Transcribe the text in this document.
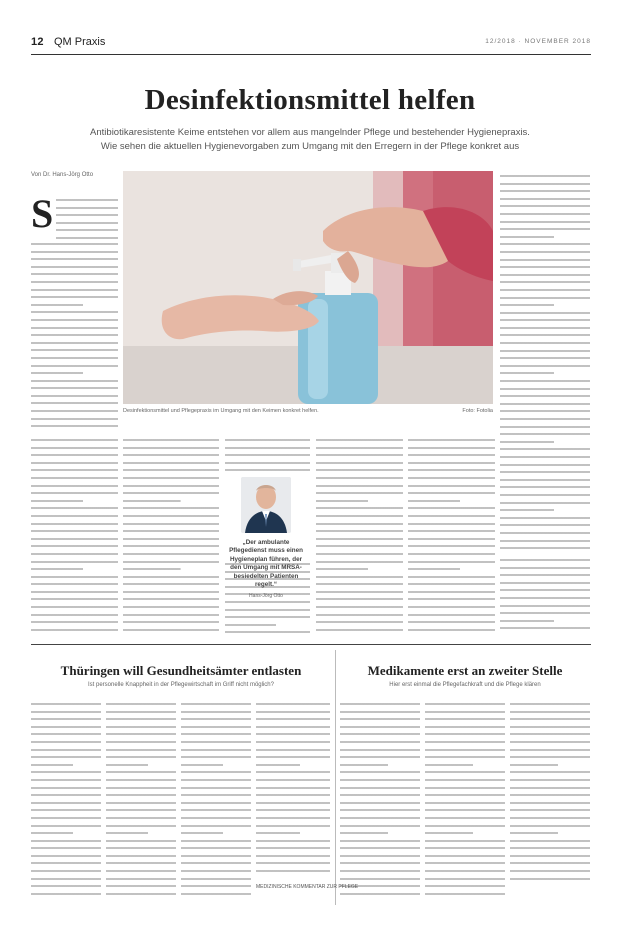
12 QM Praxis	12/2018 · NOVEMBER 2018
Desinfektionsmittel helfen
Antibiotikaresistente Keime entstehen vor allem aus mangelnder Pflege und bestehender Hygienepraxis.
Wie sehen die aktuellen Hygienevorgaben zum Umgang mit den Erregern in der Pflege konkret aus
Von Dr. Hans-Jörg Otto
Desinfektionsmittel und Pflegepraxis im Umgang mit den Keimen konkret helfen.	Foto: Fotolia
S
„Der ambulante Pflegedienst muss einen Hygieneplan führen, der den Umgang mit MRSA-besiedelten Patienten regelt.“
Hans-Jörg Otto
Thüringen will Gesundheitsämter entlasten
Ist personelle Knappheit in der Pflegewirtschaft im Griff nicht möglich?
Medikamente erst an zweiter Stelle
Hier erst einmal die Pflegefachkraft und die Pflege klären
MEDIZINISCHE KOMMENTAR ZUR PFLEGE
